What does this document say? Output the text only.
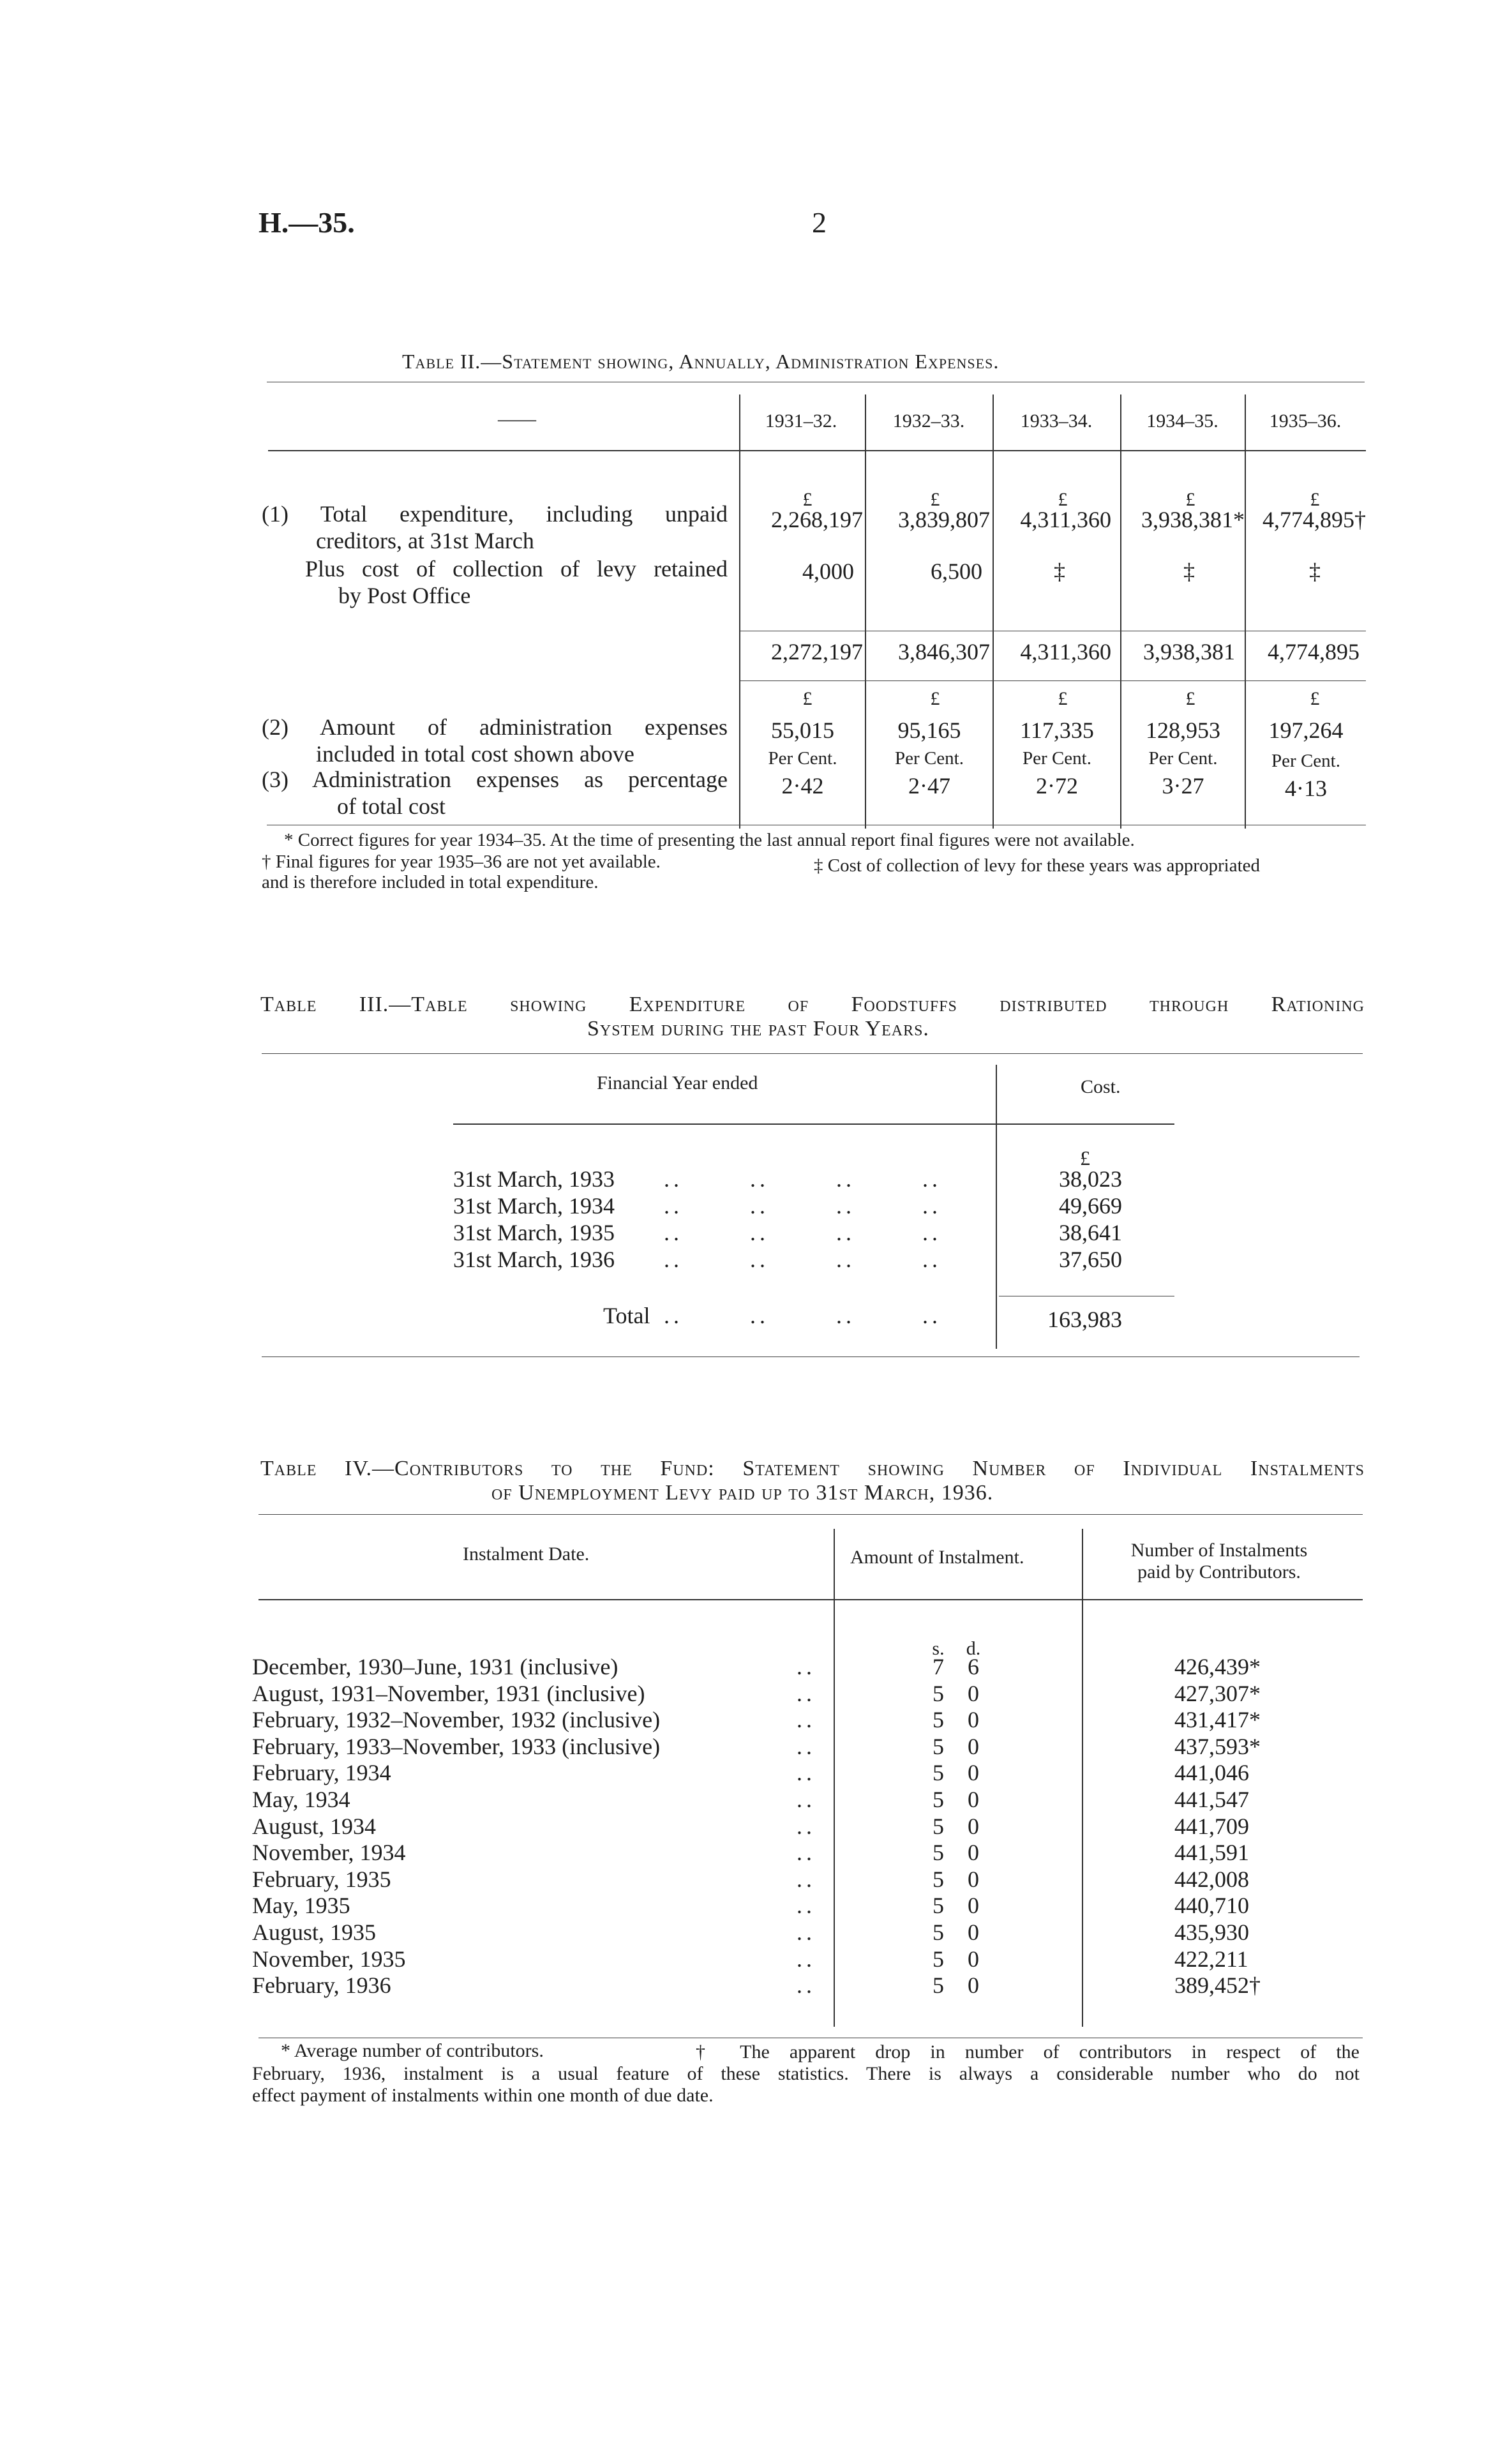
H.—35.	2
Table II.—Statement showing, Annually, Administration Expenses.
——	1931–32.	1932–33.	1933–34.	1934–35.	1935–36.
£	£	£	£	£
(1) Total expenditure, including unpaid
creditors, at 31st March
2,268,197	3,839,807	4,311,360	3,938,381* 4,774,895†
Plus cost of collection of levy retained
by Post Office
4,000	6,500	‡	‡	‡
2,272,197	3,846,307	4,311,360	3,938,381	4,774,895
£	£	£	£	£
(2) Amount of administration expenses
included in total cost shown above
55,015	95,165	117,335	128,953	197,264
Per Cent.	Per Cent.	Per Cent.	Per Cent.	Per Cent.
(3) Administration expenses as percentage
of total cost
2·42	2·47	2·72	3·27	4·13
* Correct figures for year 1934–35. At the time of presenting the last annual report final figures were not available.
† Final figures for year 1935–36 are not yet available.	‡ Cost of collection of levy for these years was appropriated
and is therefore included in total expenditure.
Table III.—Table showing Expenditure of Foodstuffs distributed through Rationing
System during the past Four Years.
Financial Year ended	Cost.
£
31st March, 1933 ..       ..       ..       ..	38,023
31st March, 1934 ..       ..       ..       ..	49,669
31st March, 1935 ..       ..       ..       ..	38,641
31st March, 1936 ..       ..       ..       ..	37,650
Total ..       ..       ..       ..	163,983
Table IV.—Contributors to the Fund: Statement showing Number of Individual Instalments
of Unemployment Levy paid up to 31st March, 1936.
Instalment Date.	Amount of Instalment.	Number of Instalments
paid by Contributors.
s.	d.
December, 1930–June, 1931 (inclusive)	..	7	6	426,439*
August, 1931–November, 1931 (inclusive)	..	5	0	427,307*
February, 1932–November, 1932 (inclusive)	..	5	0	431,417*
February, 1933–November, 1933 (inclusive)	..	5	0	437,593*
February, 1934	..	5	0	441,046
May, 1934	..	5	0	441,547
August, 1934	..	5	0	441,709
November, 1934	..	5	0	441,591
February, 1935	..	5	0	442,008
May, 1935	..	5	0	440,710
August, 1935	..	5	0	435,930
November, 1935	..	5	0	422,211
February, 1936	..	5	0	389,452†
* Average number of contributors.	† The apparent drop in number of contributors in respect of the
February, 1936, instalment is a usual feature of these statistics. There is always a considerable number who do not
effect payment of instalments within one month of due date.
